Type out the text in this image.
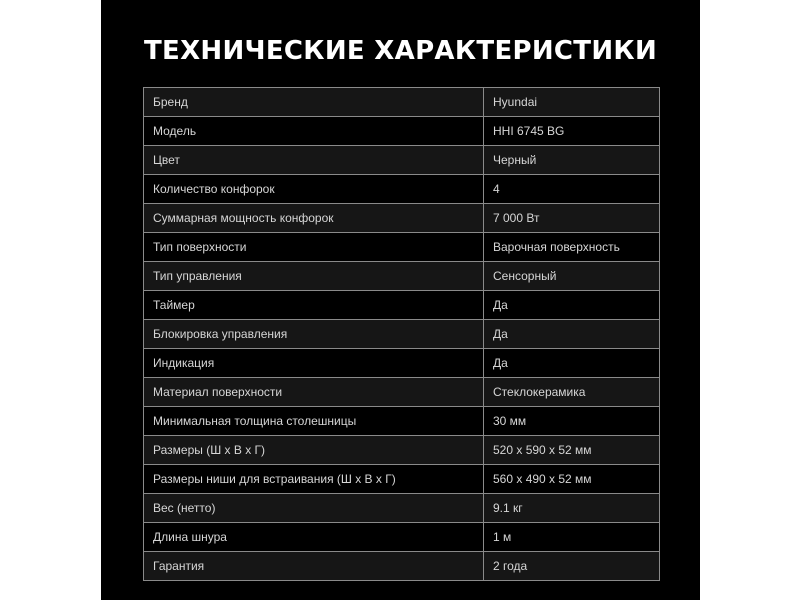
ТЕХНИЧЕСКИЕ ХАРАКТЕРИСТИКИ
Бренд	Hyundai
Модель	HHI 6745 BG
Цвет	Черный
Количество конфорок	4
Суммарная мощность конфорок	7 000 Вт
Тип поверхности	Варочная поверхность
Тип управления	Сенсорный
Таймер	Да
Блокировка управления	Да
Индикация	Да
Материал поверхности	Стеклокерамика
Минимальная толщина столешницы	30 мм
Размеры (Ш х В х Г)	520 х 590 х 52 мм
Размеры ниши для встраивания (Ш х В х Г)	560 х 490 х 52 мм
Вес (нетто)	9.1 кг
Длина шнура	1 м
Гарантия	2 года
